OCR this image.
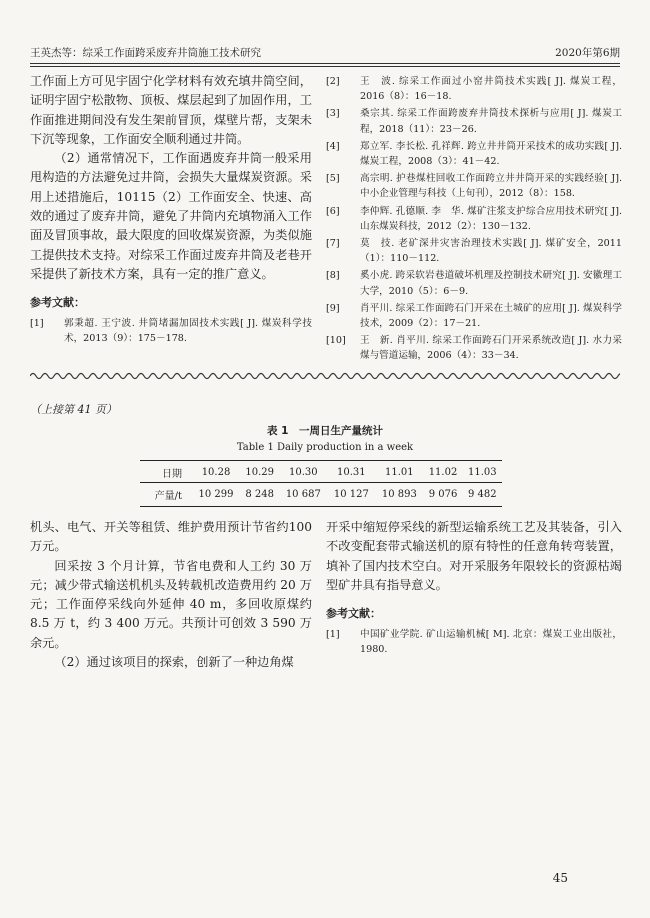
王英杰等：综采工作面跨采废弃井筒施工技术研究	2020年第6期

工作面上方可见宇固宁化学材料有效充填井筒空间，证明宇固宁松散物、顶板、煤层起到了加固作用，工作面推进期间没有发生架前冒顶，煤壁片帮，支架未下沉等现象，工作面安全顺利通过井筒。

（2）通常情况下，工作面遇废弃井筒一般采用甩构造的方法避免过井筒，会损失大量煤炭资源。采用上述措施后，10115（2）工作面安全、快速、高效的通过了废弃井筒，避免了井筒内充填物涌入工作面及冒顶事故，最大限度的回收煤炭资源，为类似施工提供技术支持。对综采工作面过废弃井筒及老巷开采提供了新技术方案，具有一定的推广意义。

参考文献：

[1]	郭秉超. 王宁波. 井筒堵漏加固技术实践[ J]. 煤炭科学技术，2013（9）：175－178.
[2]	王　波. 综采工作面过小窑井筒技术实践[ J]. 煤炭工程，2016（8）：16－18.
[3]	桑宗其. 综采工作面跨废弃井筒技术探析与应用[ J]. 煤炭工程，2018（11）：23－26.
[4]	郑立军. 李长松. 孔祥辉. 跨立井井筒开采技术的成功实践[ J]. 煤炭工程，2008（3）：41－42.
[5]	高宗明. 护巷煤柱回收工作面跨立井井筒开采的实践经验[ J]. 中小企业管理与科技（上旬刊），2012（8）：158.
[6]	李仲辉. 孔德顺. 李　华. 煤矿注浆支护综合应用技术研究[ J]. 山东煤炭科技，2012（2）：130－132.
[7]	莫　技. 老矿深井灾害治理技术实践[ J]. 煤矿安全，2011（1）：110－112.
[8]	奚小虎. 跨采软岩巷道破坏机理及控制技术研究[ J]. 安徽理工大学，2010（5）：6－9.
[9]	肖平川. 综采工作面跨石门开采在土城矿的应用[ J]. 煤炭科学技术，2009（2）：17－21.
[10]	王　新. 肖平川. 综采工作面跨石门开采系统改造[ J]. 水力采煤与管道运输，2006（4）：33－34.
（上接第 41 页）
表 1　一周日生产量统计
Table 1 Daily production in a week
日期	10.28	10.29	10.30	10.31	11.01	11.02	11.03
产量/t	10 299	8 248	10 687	10 127	10 893	9 076	9 482

机头、电气、开关等租赁、维护费用预计节省约100 万元。

回采按 3 个月计算，节省电费和人工约 30 万元；减少带式输送机机头及转载机改造费用约 20 万元；工作面停采线向外延伸 40 m，多回收原煤约 8.5 万 t，约 3 400 万元。共预计可创效 3 590 万余元。

（2）通过该项目的探索，创新了一种边角煤

开采中缩短停采线的新型运输系统工艺及其装备，引入不改变配套带式输送机的原有特性的任意角转弯装置，填补了国内技术空白。对开采服务年限较长的资源枯竭型矿井具有指导意义。

参考文献：

[1]	中国矿业学院. 矿山运输机械[ M]. 北京：煤炭工业出版社，1980.
45
